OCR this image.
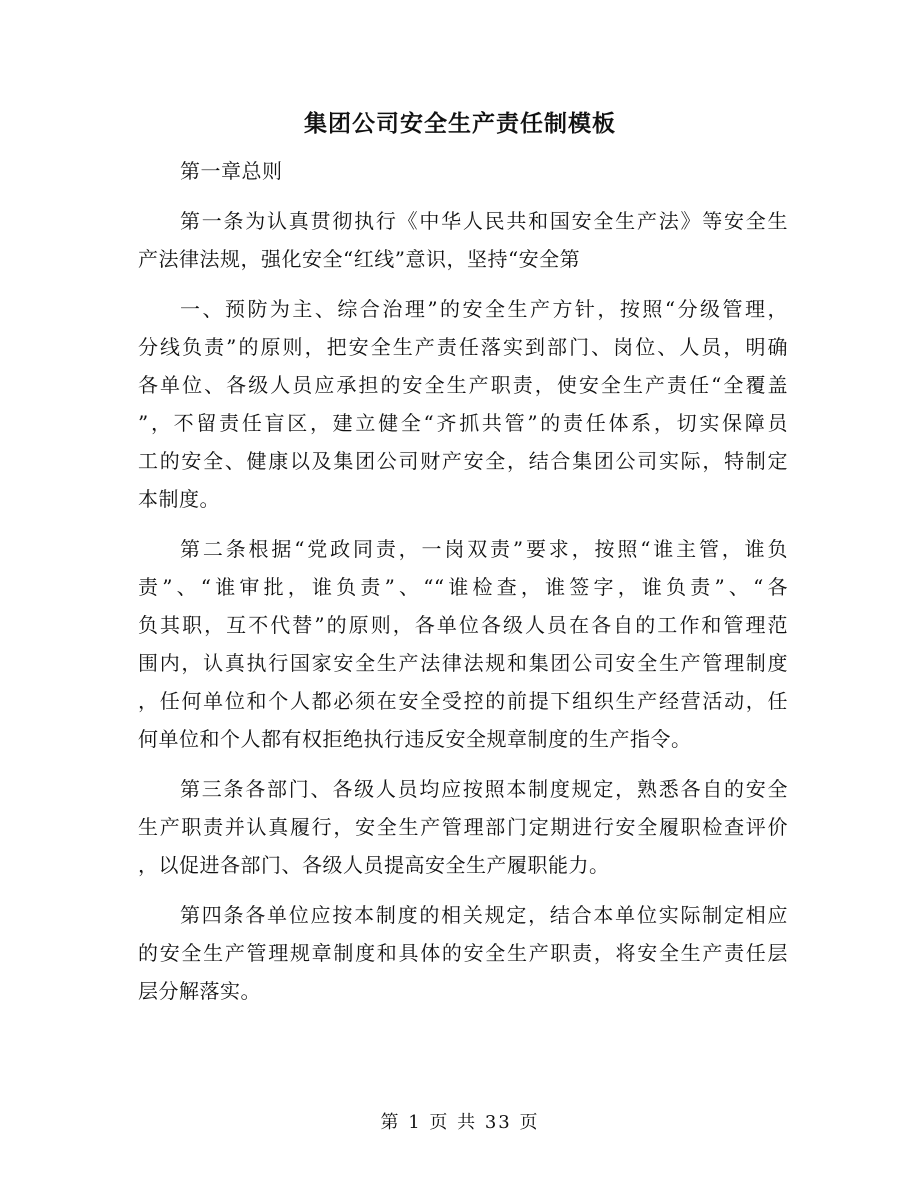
集团公司安全生产责任制模板
第一章总则
第一条为认真贯彻执行《中华人民共和国安全生产法》等安全生
产法律法规，强化安全“红线”意识，坚持“安全第
一、预防为主、综合治理”的安全生产方针，按照“分级管理，
分线负责”的原则，把安全生产责任落实到部门、岗位、人员，明确
各单位、各级人员应承担的安全生产职责，使安全生产责任“全覆盖
”，不留责任盲区，建立健全“齐抓共管”的责任体系，切实保障员
工的安全、健康以及集团公司财产安全，结合集团公司实际，特制定
本制度。
第二条根据“党政同责，一岗双责”要求，按照“谁主管，谁负
责”、“谁审批，谁负责”、““谁检查，谁签字，谁负责”、“各
负其职，互不代替”的原则，各单位各级人员在各自的工作和管理范
围内，认真执行国家安全生产法律法规和集团公司安全生产管理制度
，任何单位和个人都必须在安全受控的前提下组织生产经营活动，任
何单位和个人都有权拒绝执行违反安全规章制度的生产指令。
第三条各部门、各级人员均应按照本制度规定，熟悉各自的安全
生产职责并认真履行，安全生产管理部门定期进行安全履职检查评价
，以促进各部门、各级人员提高安全生产履职能力。
第四条各单位应按本制度的相关规定，结合本单位实际制定相应
的安全生产管理规章制度和具体的安全生产职责，将安全生产责任层
层分解落实。
第 1 页 共 33 页
